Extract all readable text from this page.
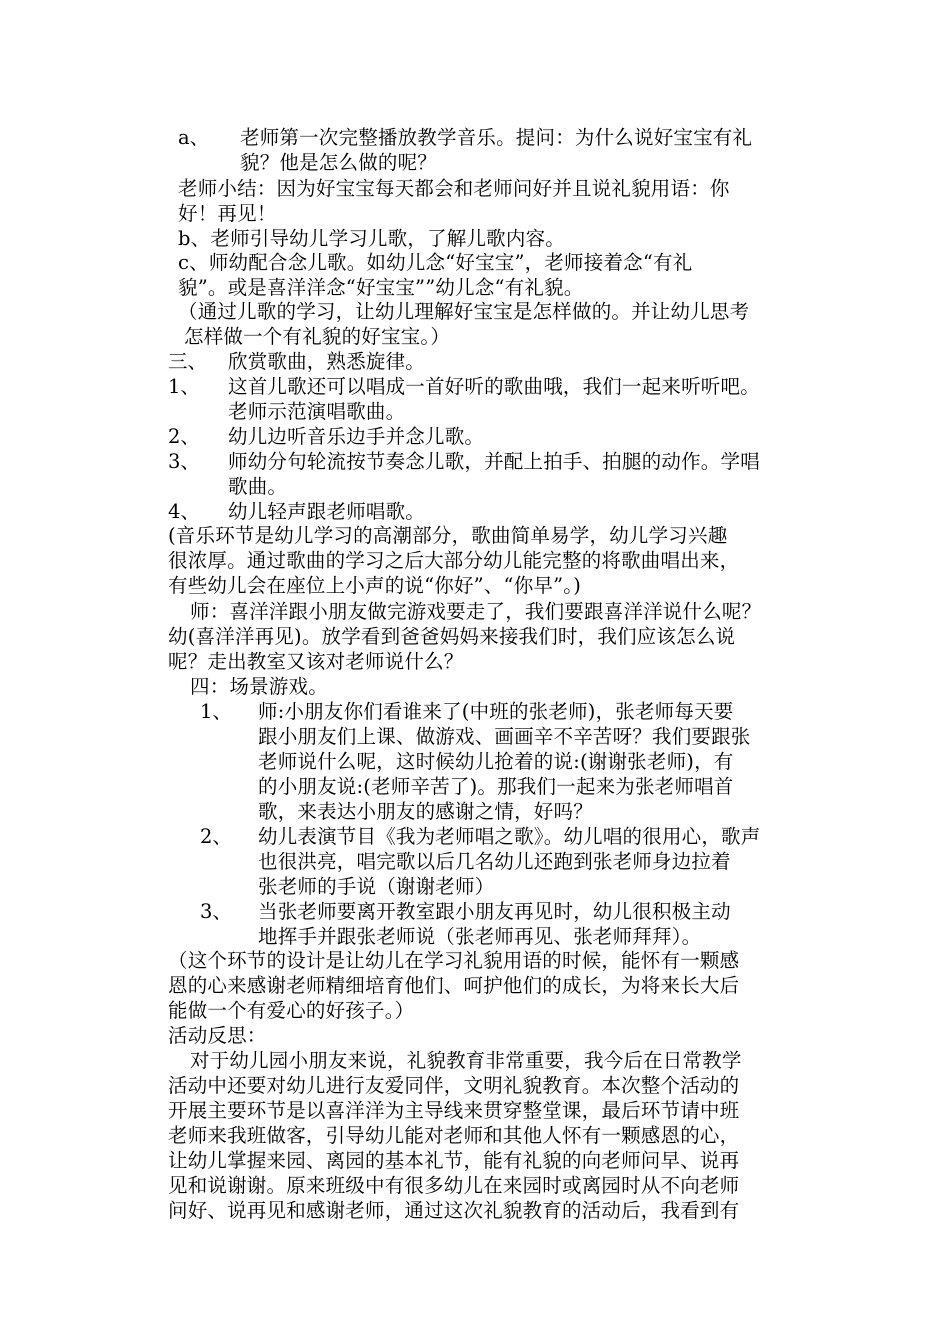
a、 老师第一次完整播放教学音乐。提问：为什么说好宝宝有礼
貌？他是怎么做的呢？
老师小结：因为好宝宝每天都会和老师问好并且说礼貌用语：你
好！再见！
b、老师引导幼儿学习儿歌，了解儿歌内容。
c、师幼配合念儿歌。如幼儿念“好宝宝”，老师接着念“有礼
貌”。或是喜洋洋念“好宝宝””幼儿念“有礼貌。
（通过儿歌的学习，让幼儿理解好宝宝是怎样做的。并让幼儿思考
怎样做一个有礼貌的好宝宝。）
三、 欣赏歌曲，熟悉旋律。
1、 这首儿歌还可以唱成一首好听的歌曲哦，我们一起来听听吧。
老师示范演唱歌曲。
2、 幼儿边听音乐边手并念儿歌。
3、 师幼分句轮流按节奏念儿歌，并配上拍手、拍腿的动作。学唱
歌曲。
4、 幼儿轻声跟老师唱歌。
(音乐环节是幼儿学习的高潮部分，歌曲简单易学，幼儿学习兴趣
很浓厚。通过歌曲的学习之后大部分幼儿能完整的将歌曲唱出来，
有些幼儿会在座位上小声的说“你好”、“你早”。)
师：喜洋洋跟小朋友做完游戏要走了，我们要跟喜洋洋说什么呢？
幼(喜洋洋再见)。放学看到爸爸妈妈来接我们时，我们应该怎么说
呢？走出教室又该对老师说什么？
四：场景游戏。
1、 师:小朋友你们看谁来了(中班的张老师)，张老师每天要
跟小朋友们上课、做游戏、画画辛不辛苦呀？我们要跟张
老师说什么呢，这时候幼儿抢着的说:(谢谢张老师)，有
的小朋友说:(老师辛苦了)。那我们一起来为张老师唱首
歌，来表达小朋友的感谢之情，好吗？
2、 幼儿表演节目《我为老师唱之歌》。幼儿唱的很用心，歌声
也很洪亮，唱完歌以后几名幼儿还跑到张老师身边拉着
张老师的手说（谢谢老师）
3、 当张老师要离开教室跟小朋友再见时，幼儿很积极主动
地挥手并跟张老师说（张老师再见、张老师拜拜）。
（这个环节的设计是让幼儿在学习礼貌用语的时候，能怀有一颗感
恩的心来感谢老师精细培育他们、呵护他们的成长，为将来长大后
能做一个有爱心的好孩子。）
活动反思：
对于幼儿园小朋友来说，礼貌教育非常重要，我今后在日常教学
活动中还要对幼儿进行友爱同伴，文明礼貌教育。本次整个活动的
开展主要环节是以喜洋洋为主导线来贯穿整堂课，最后环节请中班
老师来我班做客，引导幼儿能对老师和其他人怀有一颗感恩的心，
让幼儿掌握来园、离园的基本礼节，能有礼貌的向老师问早、说再
见和说谢谢。原来班级中有很多幼儿在来园时或离园时从不向老师
问好、说再见和感谢老师，通过这次礼貌教育的活动后，我看到有
